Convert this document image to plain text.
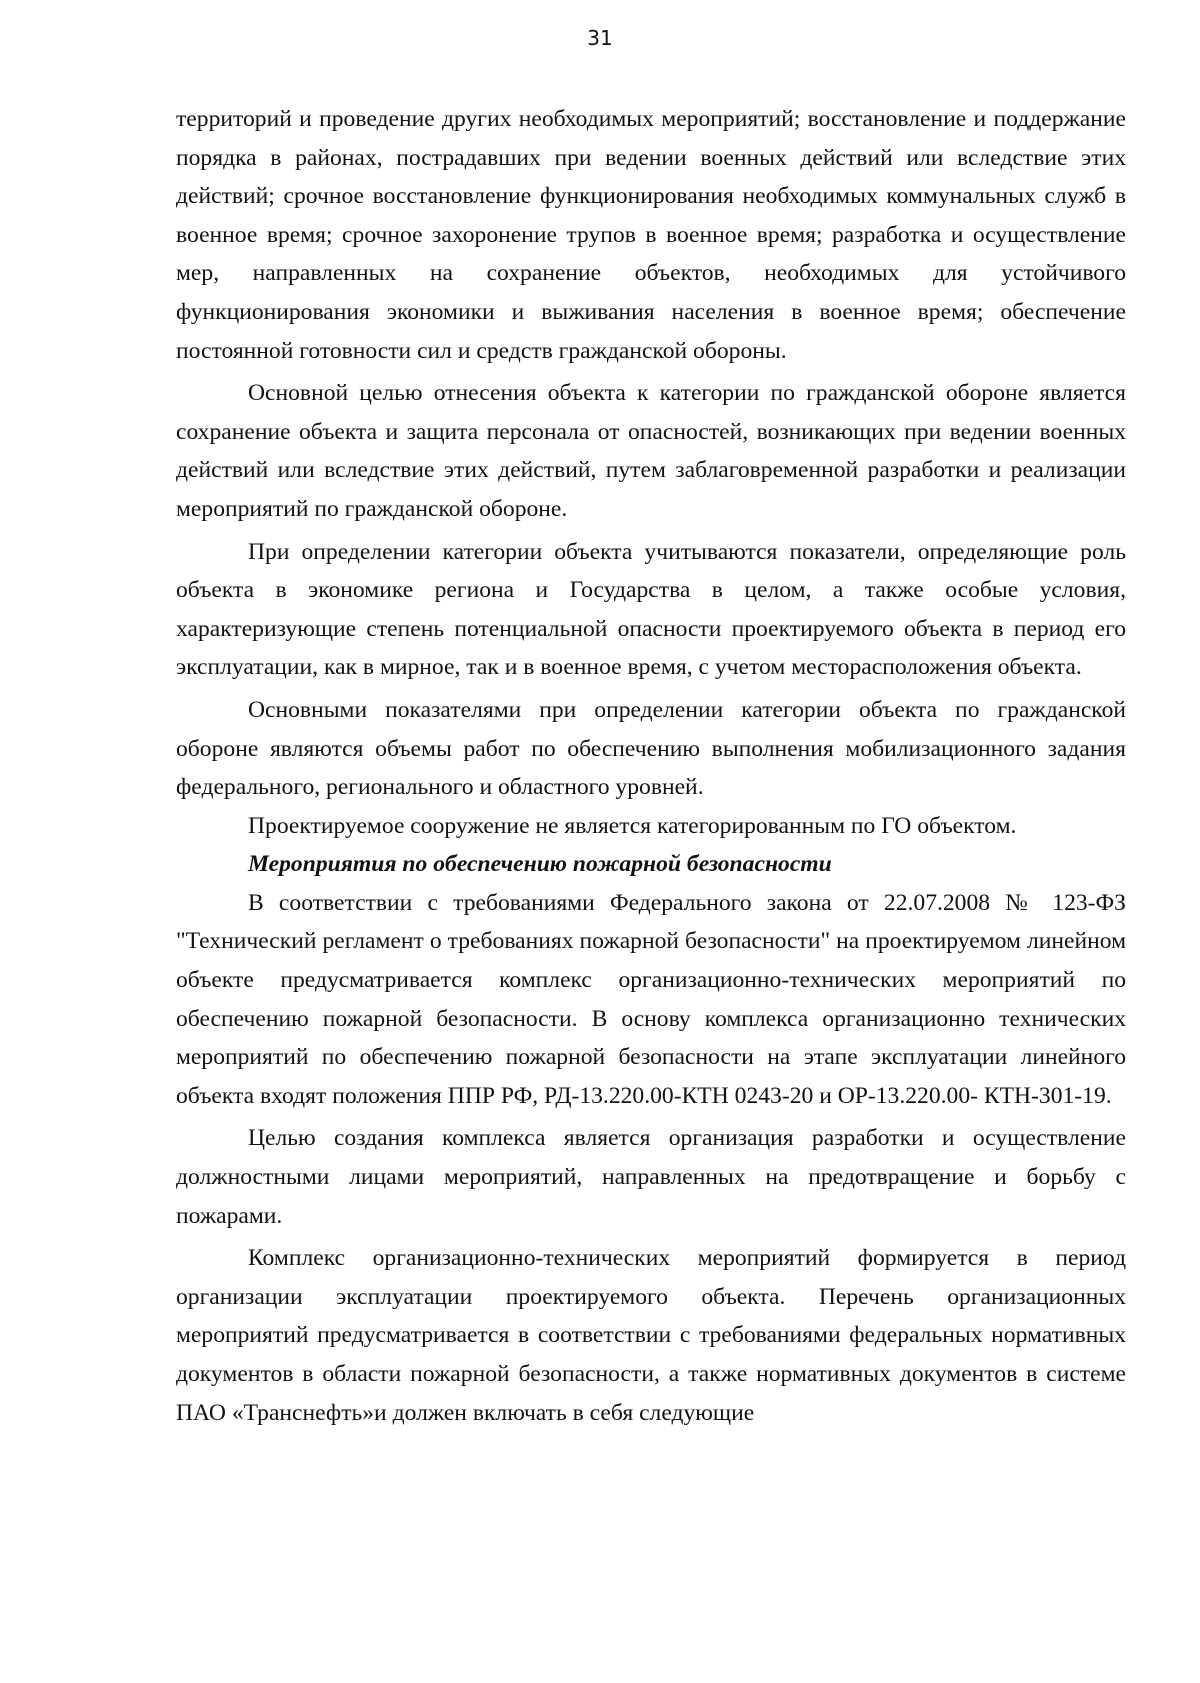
31

территорий и проведение других необходимых мероприятий; восстановление и поддержание порядка в районах, пострадавших при ведении военных действий или вследствие этих действий; срочное восстановление функционирования необходимых коммунальных служб в военное время; срочное захоронение трупов в военное время; разработка и осуществление мер, направленных на сохранение объектов, необходимых для устойчивого функционирования экономики и выживания населения в военное время; обеспечение постоянной готовности сил и средств гражданской обороны.

Основной целью отнесения объекта к категории по гражданской обороне является сохранение объекта и защита персонала от опасностей, возникающих при ведении военных действий или вследствие этих действий, путем заблаговременной разработки и реализации мероприятий по гражданской обороне.

При определении категории объекта учитываются показатели, определяющие роль объекта в экономике региона и Государства в целом, а также особые условия, характеризующие степень потенциальной опасности проектируемого объекта в период его эксплуатации, как в мирное, так и в военное время, с учетом месторасположения объекта.

Основными показателями при определении категории объекта по гражданской обороне являются объемы работ по обеспечению выполнения мобилизационного задания федерального, регионального и областного уровней.

Проектируемое сооружение не является категорированным по ГО объектом.

Мероприятия по обеспечению пожарной безопасности

В соответствии с требованиями Федерального закона от 22.07.2008 № 123-ФЗ "Технический регламент о требованиях пожарной безопасности" на проектируемом линейном объекте предусматривается комплекс организационно-технических мероприятий по обеспечению пожарной безопасности. В основу комплекса организационно технических мероприятий по обеспечению пожарной безопасности на этапе эксплуатации линейного объекта входят положения ППР РФ, РД-13.220.00-КТН 0243-20 и ОР-13.220.00- КТН-301-19.

Целью создания комплекса является организация разработки и осуществление должностными лицами мероприятий, направленных на предотвращение и борьбу с пожарами.

Комплекс организационно-технических мероприятий формируется в период организации эксплуатации проектируемого объекта. Перечень организационных мероприятий предусматривается в соответствии с требованиями федеральных нормативных документов в области пожарной безопасности, а также нормативных документов в системе ПАО «Транснефть»и должен включать в себя следующие
